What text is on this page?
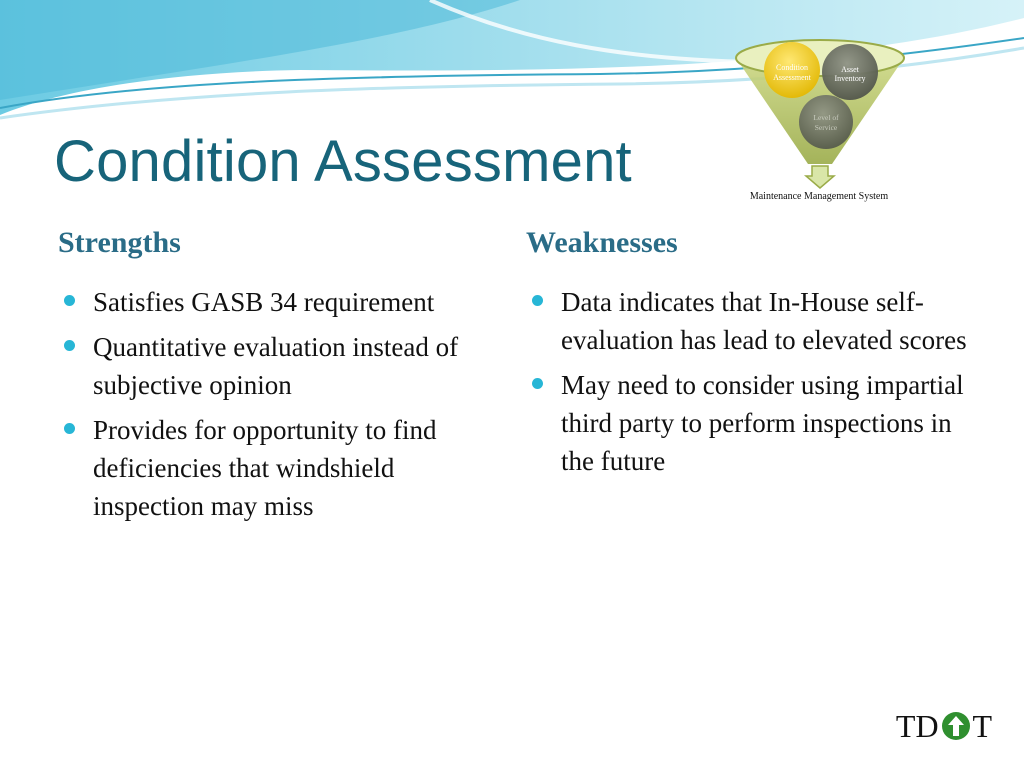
Condition Assessment
Condition
Assessment
Asset
Inventory
Level of
Service
Maintenance Management System
Strengths	Weaknesses
Satisfies GASB 34 requirement
Quantitative evaluation instead of subjective opinion
Provides for opportunity to find deficiencies that windshield inspection may miss
Data indicates that In-House self-evaluation has lead to elevated scores
May need to consider using impartial third party to perform inspections in the future
TD T
